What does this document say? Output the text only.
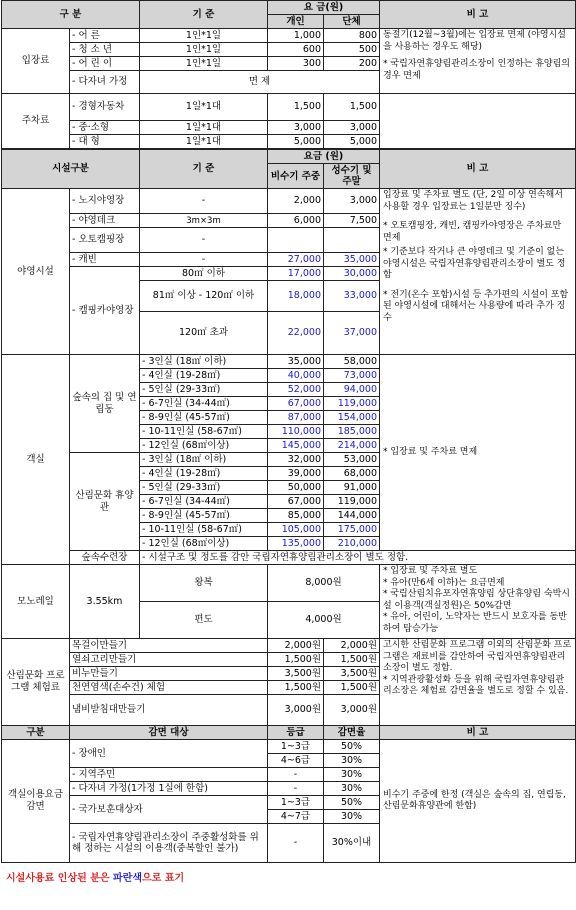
구 분		기 준	요 금(원)		비 고
			개인	단체	
입장료	- 어 른	1인*1일	1,000	800	동절기(12월~3월)에는 입장료 면제 (야영시설을 사용하는 경우도 해당)
* 국립자연휴양림관리소장이 인정하는 휴양림의 경우 면제

	- 청 소 년	1인*1일	600	500	
	- 어 린 이	1인*1일	300	200	
	- 다자녀 가정	면 제			
주차료	- 경형자동차	1일*1대	1,500	1,500	
	- 중·소형	1일*1대	3,000	3,000	
	- 대 형	1일*1대	5,000	5,000	
시설구분		기 준	요금 (원)		비 고
			비수기 주중	성수기 및 주말	
야영시설	- 노지야영장	-	2,000	3,000	입장료 및 주차료 별도 (단, 2일 이상 연속해서 사용할 경우 입장료는 1일분만 징수)
* 오토캠핑장, 캐빈, 캠핑카야영장은 주차료만 면제
* 기준보다 작거나 큰 야영데크 및 기준이 없는 야영시설은 국립자연휴양림관리소장이 별도 정함
* 전기(온수 포함)시설 등 추가편의 시설이 포함된 야영시설에 대해서는 사용량에 따라 추가 징수

	- 야영데크	3m×3m	6,000	7,500	
	- 오토캠핑장	-			
	- 캐빈	-	27,000	35,000	
	- 캠핑카야영장	80㎡ 이하	17,000	30,000	
		81㎡ 이상 - 120㎡ 이하	18,000	33,000	
		120㎡ 초과	22,000	37,000	
객실	숲속의 집 및 연립동	- 3인실 (18㎡ 이하)	35,000	58,000	* 입장료 및 주차료 면제
		- 4인실 (19-28㎡)	40,000	73,000	
		- 5인실 (29-33㎡)	52,000	94,000	
		- 6-7인실 (34-44㎡)	67,000	119,000	
		- 8-9인실 (45-57㎡)	87,000	154,000	
		- 10-11인실 (58-67㎡)	110,000	185,000	
		- 12인실 (68㎡이상)	145,000	214,000	
	산림문화 휴양관	- 3인실 (18㎡ 이하)	32,000	53,000	
		- 4인실 (19-28㎡)	39,000	68,000	
		- 5인실 (29-33㎡)	50,000	91,000	
		- 6-7인실 (34-44㎡)	67,000	119,000	
		- 8-9인실 (45-57㎡)	85,000	144,000	
		- 10-11인실 (58-67㎡)	105,000	175,000	
		- 12인실 (68㎡이상)	135,000	210,000	
	숲속수련장	- 시설구조 및 정도를 감안 국립자연휴양림관리소장이 별도 정함.			
모노레일	3.55km	왕복	8,000원		* 입장료 및 주차료 별도
* 유아(만6세 이하)는 요금면제
* 국립산림치유포자연휴양림 상단휴양림 숙박시설 이용객(객실정원)은 50%감면
* 유아, 어린이, 노약자는 반드시 보호자를 동반하여 탑승가능

		편도	4,000원		
산림문화 프로그램 체험료	목걸이만들기		2,000원	2,000원	고시한 산림문화 프로그램 이외의 산림문화 프로그램은 재료비를 감안하여 국립자연휴양림관리소장이 별도 정함.
* 지역관광활성화 등을 위해 국립자연휴양림관리소장은 체험료 감면율을 별도로 정할 수 있음.

	열쇠고리만들기		1,500원	1,500원	
	비누만들기		3,500원	3,500원	
	천연염색(손수건) 체험		1,500원	1,500원	
	냄비받침대만들기		3,000원	3,000원	
구분	감면 대상		등급	감면율	비 고
객실이용요금 감면	- 장애인		1~3급	50%	비수기 주중에 한정 (객실은 숲속의 집, 연립동, 산림문화휴양관에 한함)
			4~6급	30%	
	- 지역주민		-	30%	
	- 다자녀 가정(1가정 1실에 한함)		-	30%	
	- 국가보훈대상자		1~3급	50%	
			4~7급	30%	
	- 국립자연휴양림관리소장이 주중활성화를 위해 정하는 시설의 이용객(중복할인 불가)		-	30%이내	
시설사용료 인상된 분은 파란색으로 표기
